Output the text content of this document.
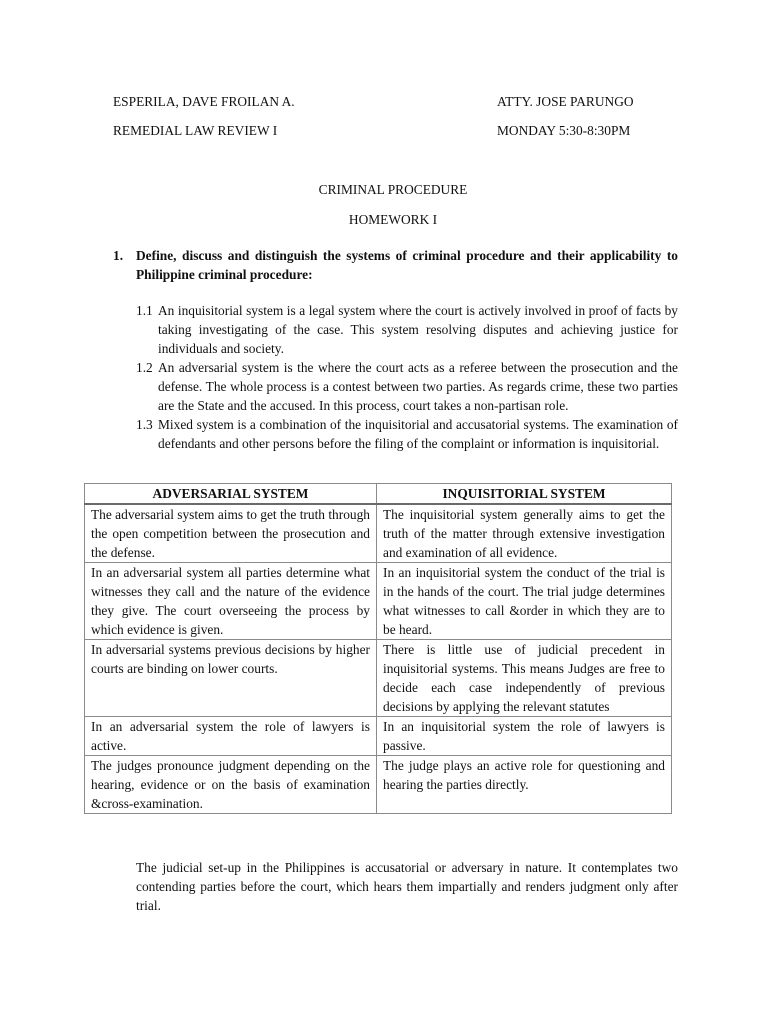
ESPERILA, DAVE FROILAN A.	ATTY. JOSE PARUNGO
REMEDIAL LAW REVIEW I	MONDAY 5:30-8:30PM
CRIMINAL PROCEDURE
HOMEWORK I
1. Define, discuss and distinguish the systems of criminal procedure and their applicability to Philippine criminal procedure:
1.1 An inquisitorial system is a legal system where the court is actively involved in proof of facts by taking investigating of the case. This system resolving disputes and achieving justice for individuals and society.
1.2 An adversarial system is the where the court acts as a referee between the prosecution and the defense. The whole process is a contest between two parties. As regards crime, these two parties are the State and the accused. In this process, court takes a non-partisan role.
1.3 Mixed system is a combination of the inquisitorial and accusatorial systems. The examination of defendants and other persons before the filing of the complaint or information is inquisitorial.
ADVERSARIAL SYSTEM	INQUISITORIAL SYSTEM
The adversarial system aims to get the truth through the open competition between the prosecution and the defense.	The inquisitorial system generally aims to get the truth of the matter through extensive investigation and examination of all evidence.
In an adversarial system all parties determine what witnesses they call and the nature of the evidence they give. The court overseeing the process by which evidence is given.	In an inquisitorial system the conduct of the trial is in the hands of the court. The trial judge determines what witnesses to call &order in which they are to be heard.
In adversarial systems previous decisions by higher courts are binding on lower courts.	There is little use of judicial precedent in inquisitorial systems. This means Judges are free to decide each case independently of previous decisions by applying the relevant statutes
In an adversarial system the role of lawyers is active.	In an inquisitorial system the role of lawyers is passive.
The judges pronounce judgment depending on the hearing, evidence or on the basis of examination &cross-examination.	The judge plays an active role for questioning and hearing the parties directly.
The judicial set-up in the Philippines is accusatorial or adversary in nature. It contemplates two contending parties before the court, which hears them impartially and renders judgment only after trial.
